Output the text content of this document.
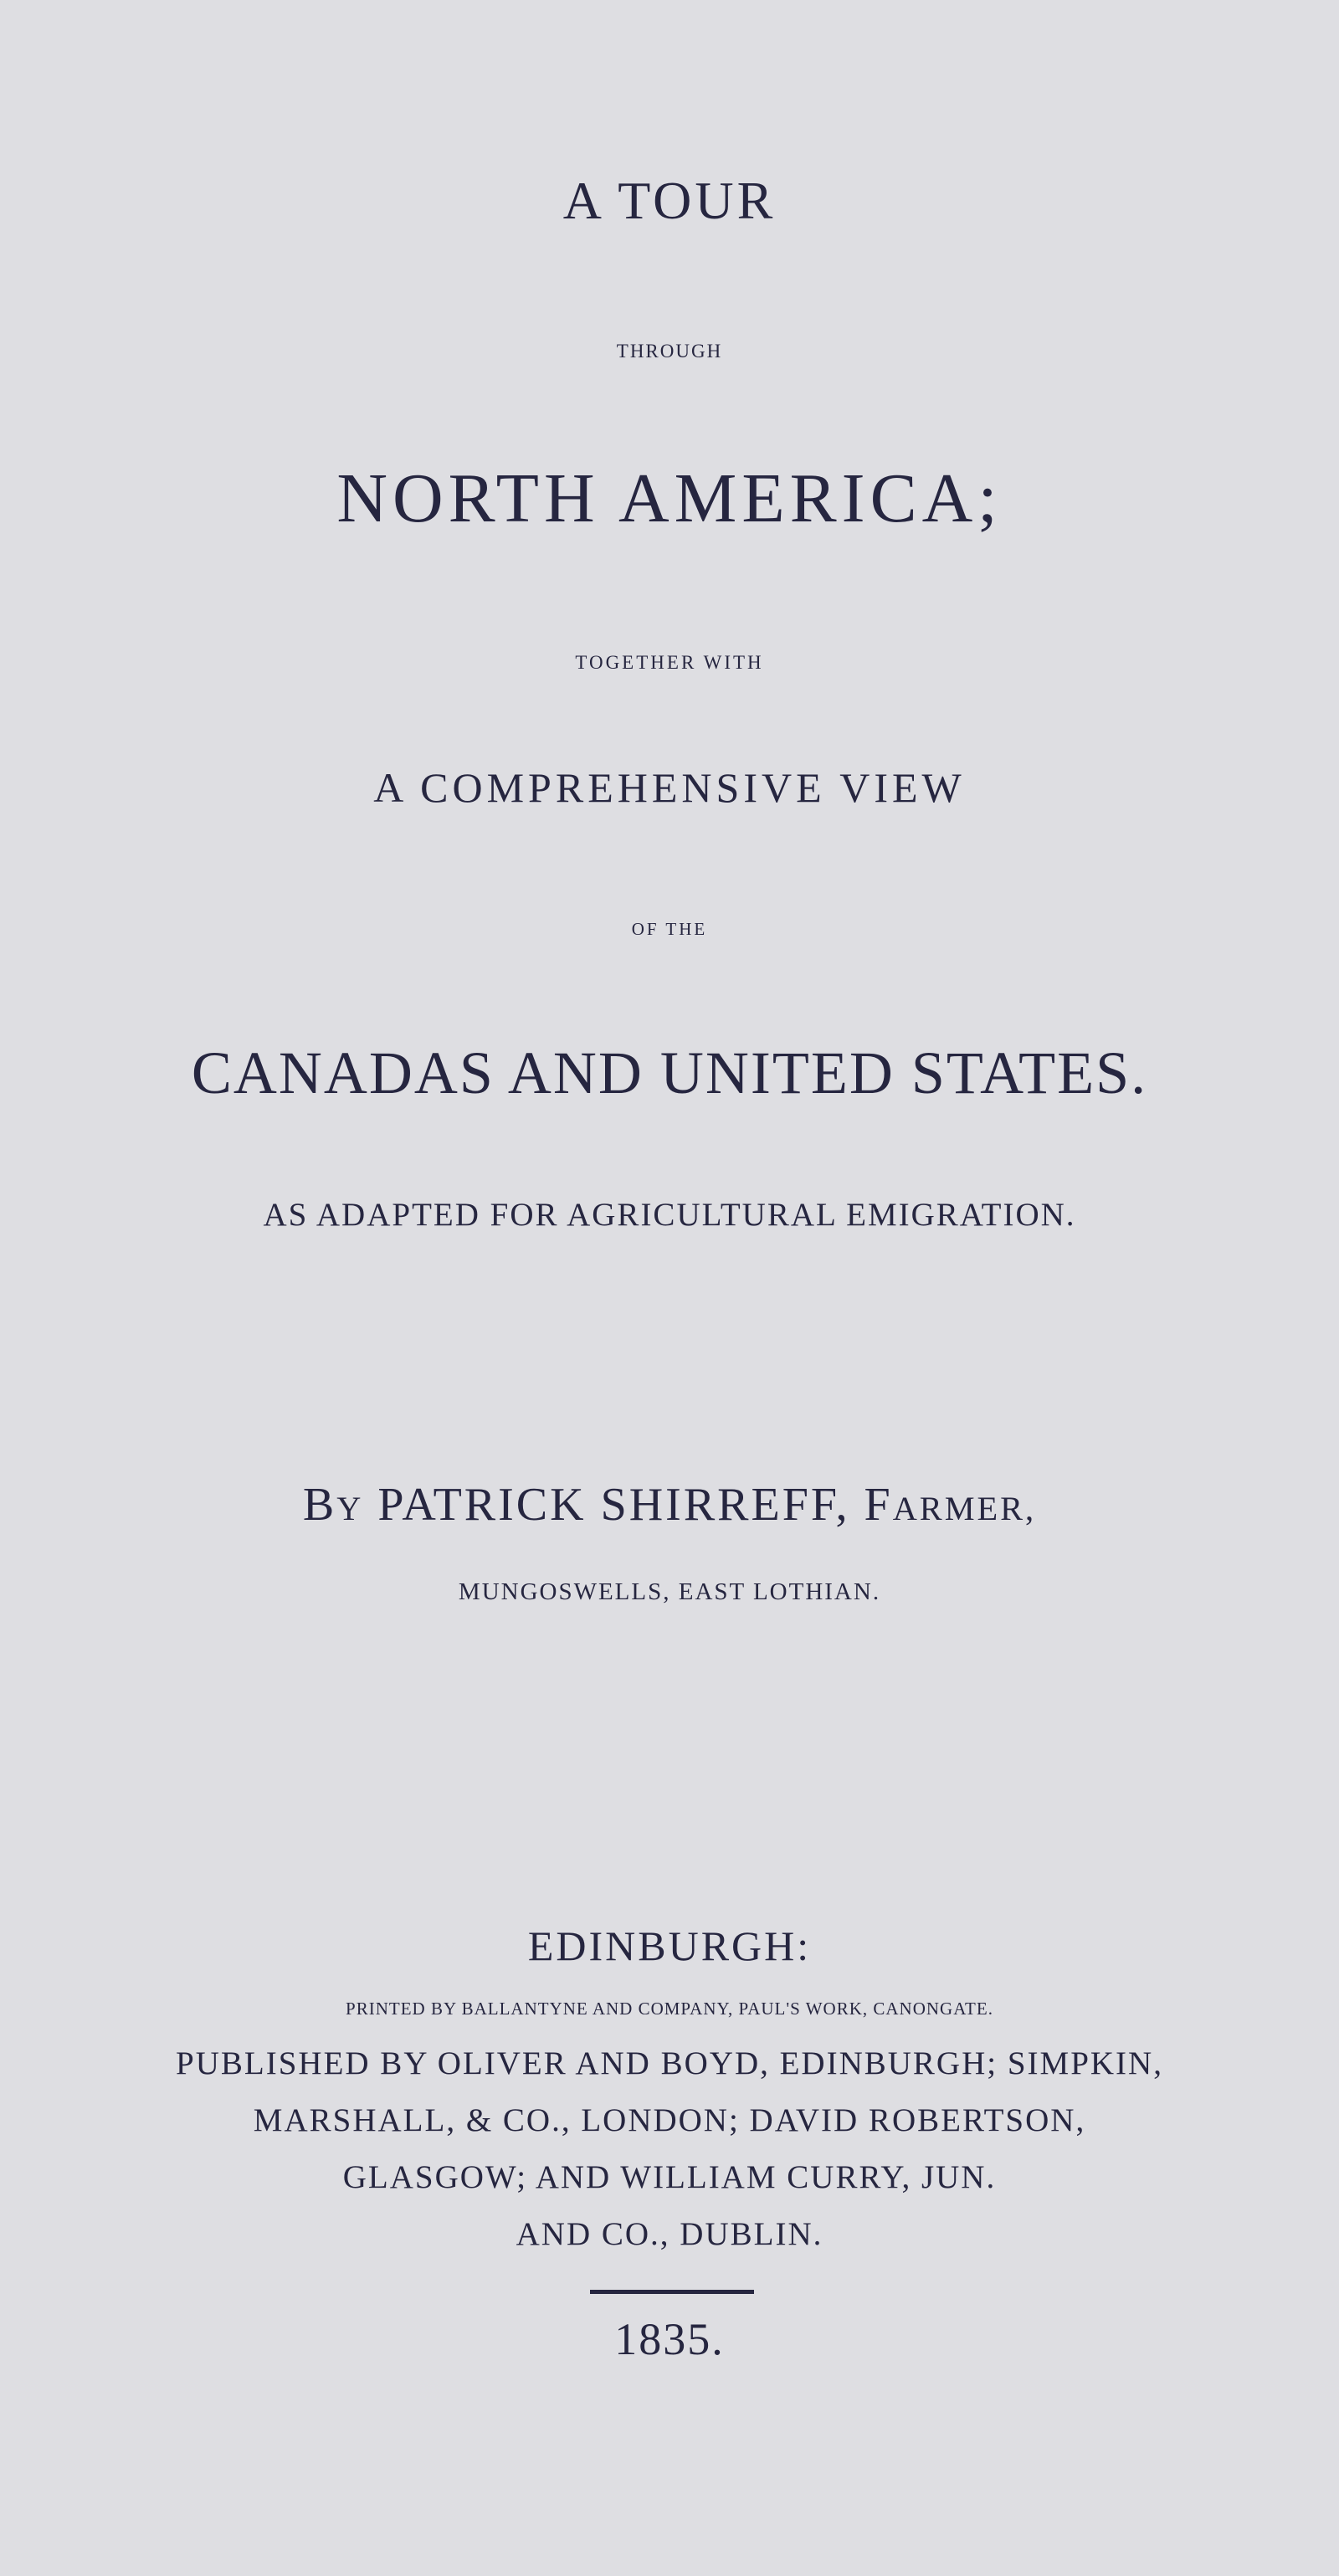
A TOUR

THROUGH

NORTH AMERICA;

TOGETHER WITH

A COMPREHENSIVE VIEW

OF THE

CANADAS AND UNITED STATES.

AS ADAPTED FOR AGRICULTURAL EMIGRATION.

BY PATRICK SHIRREFF, FARMER,

MUNGOSWELLS, EAST LOTHIAN.

EDINBURGH:

PRINTED BY BALLANTYNE AND COMPANY, PAUL'S WORK, CANONGATE.

PUBLISHED BY OLIVER AND BOYD, EDINBURGH; SIMPKIN,

MARSHALL, & CO., LONDON; DAVID ROBERTSON,

GLASGOW; AND WILLIAM CURRY, JUN.

AND CO., DUBLIN.

1835.
